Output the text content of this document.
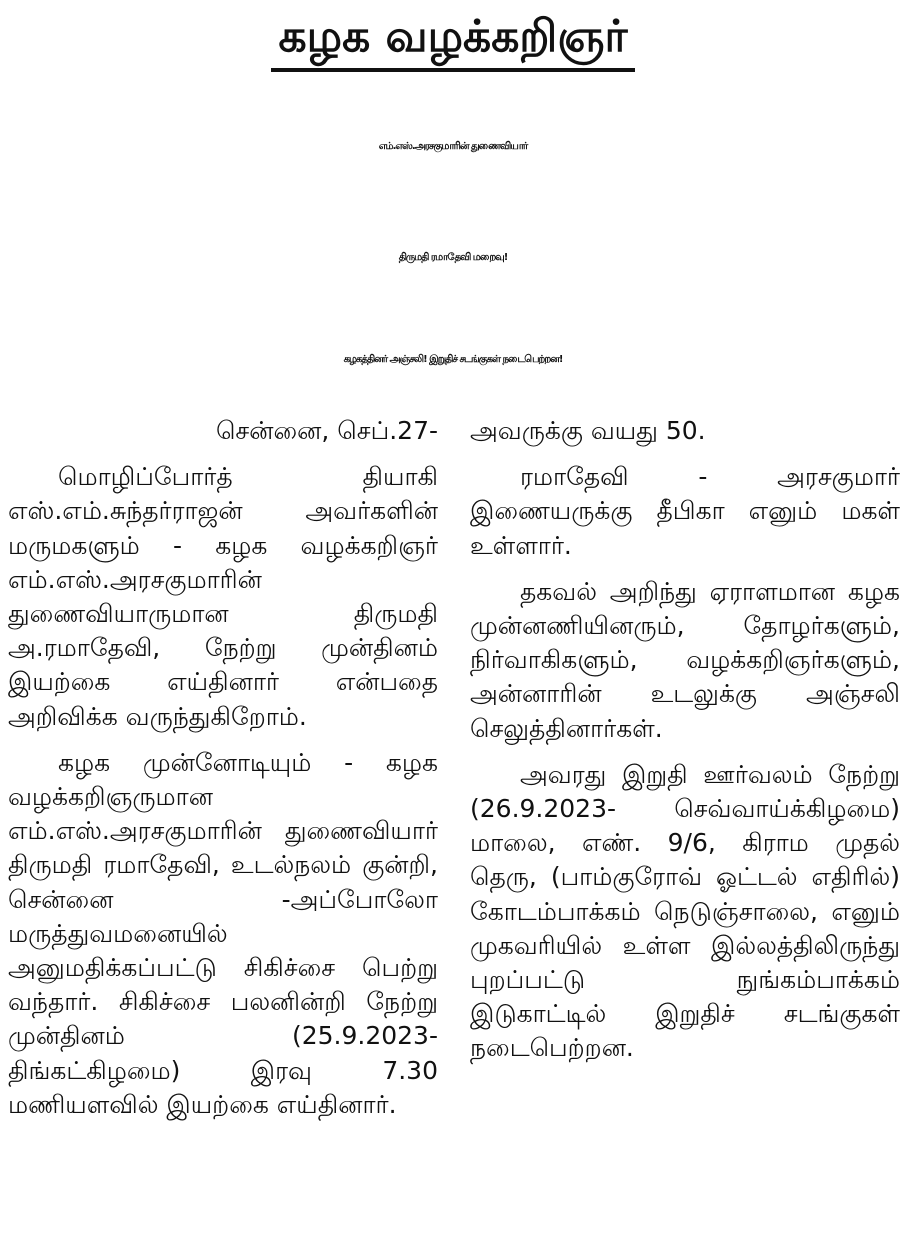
கழக வழக்கறிஞர்
எம்.எஸ்.அரசகுமாரின் துணைவியார்
திருமதி ரமாதேவி மறைவு!
கழகத்தினர் அஞ்சலி! இறுதிச் சடங்குகள் நடைபெற்றன!

சென்னை, செப்.27-

மொழிப்போர்த் தியாகி எஸ்.எம்.சுந்தர்ராஜன் அவர்களின் மருமகளும் - கழக வழக்கறிஞர் எம்.எஸ்.அரசகுமாரின் துணைவியாருமான திருமதி அ.ரமாதேவி, நேற்று முன்தினம் இயற்கை எய்தினார் என்பதை அறிவிக்க வருந்துகிறோம்.

கழக முன்னோடியும் - கழக வழக்கறிஞருமான எம்.எஸ்.அரசகுமாரின் துணைவியார் திருமதி ரமாதேவி, உடல்நலம் குன்றி, சென்னை -அப்போலோ மருத்துவமனையில் அனுமதிக்கப்பட்டு சிகிச்சை பெற்று வந்தார். சிகிச்சை பலனின்றி நேற்று முன்தினம் (25.9.2023-திங்கட்கிழமை) இரவு 7.30 மணியளவில் இயற்கை எய்தினார்.

அவருக்கு வயது 50.

ரமாதேவி - அரசகுமார் இணையருக்கு தீபிகா எனும் மகள் உள்ளார்.

தகவல் அறிந்து ஏராளமான கழக முன்னணியினரும், தோழர்களும், நிர்வாகிகளும், வழக்கறிஞர்களும், அன்னாரின் உடலுக்கு அஞ்சலி செலுத்தினார்கள்.

அவரது இறுதி ஊர்வலம் நேற்று (26.9.2023- செவ்வாய்க்கிழமை) மாலை, எண். 9/6, கிராம முதல் தெரு, (பாம்குரோவ் ஓட்டல் எதிரில்) கோடம்பாக்கம் நெடுஞ்சாலை, எனும் முகவரியில் உள்ள இல்லத்திலிருந்து புறப்பட்டு நுங்கம்பாக்கம் இடுகாட்டில் இறுதிச் சடங்குகள் நடைபெற்றன.
